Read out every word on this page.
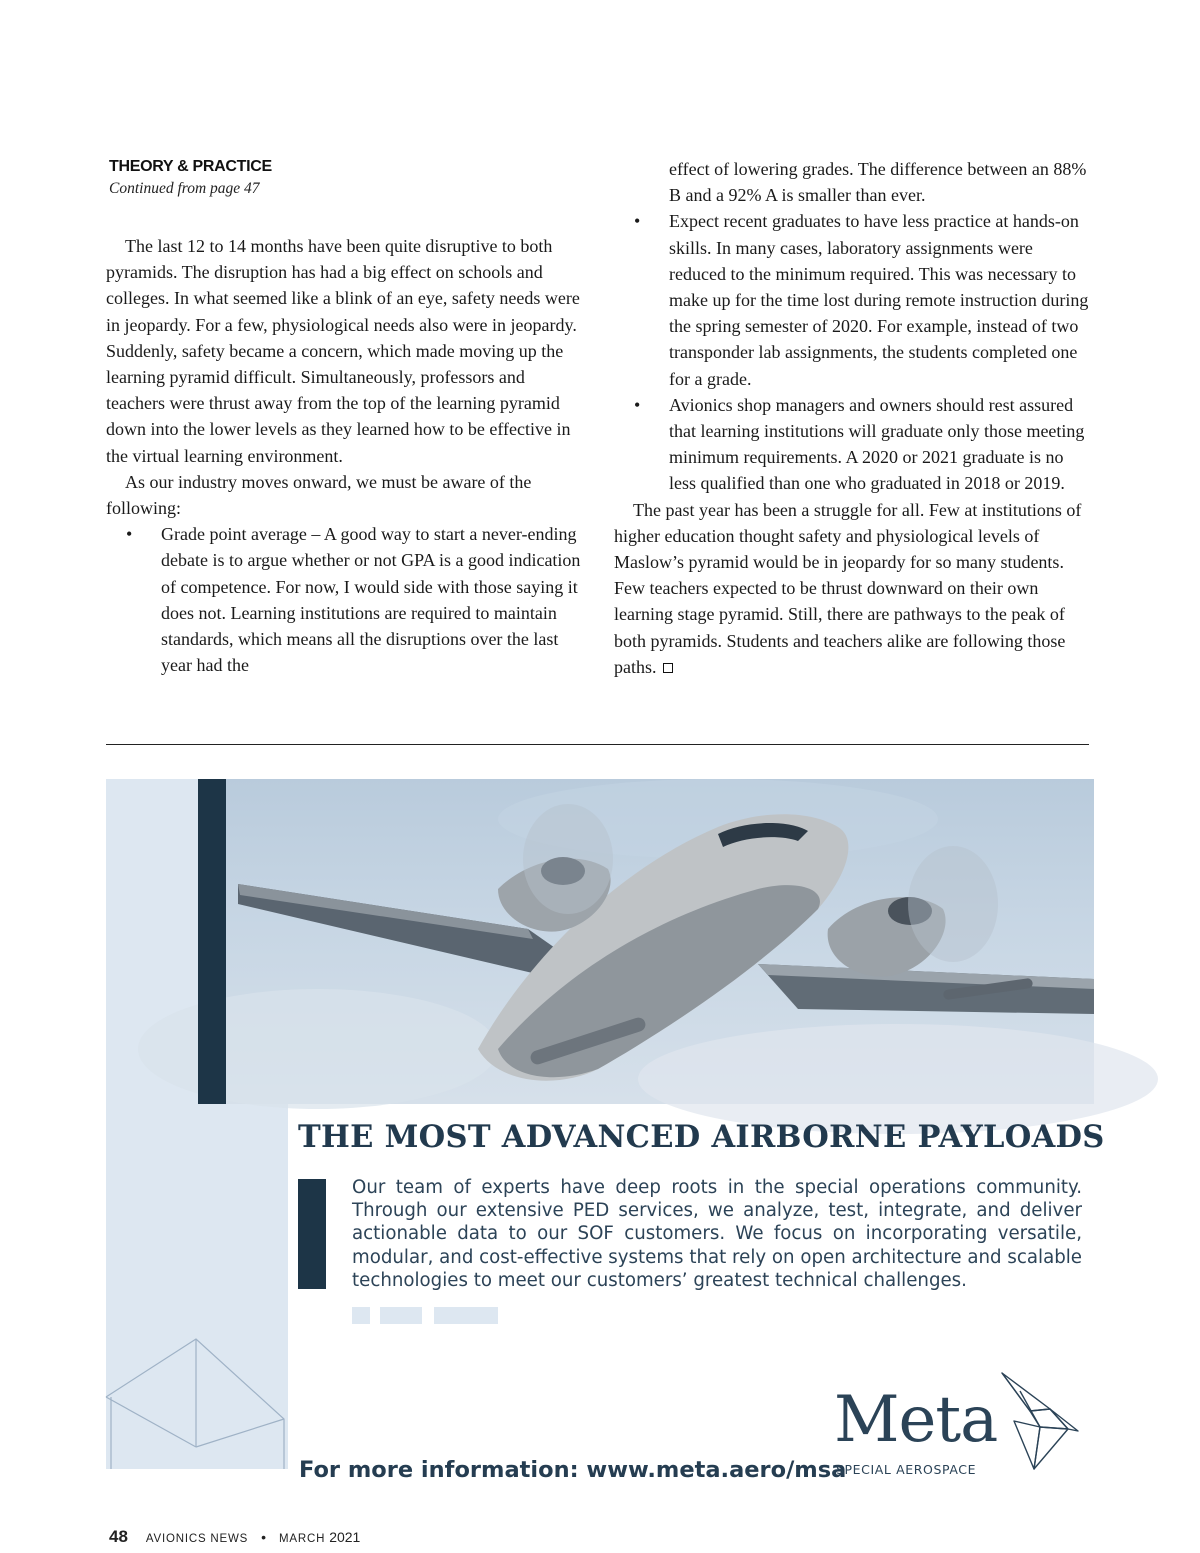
THEORY & PRACTICE
Continued from page 47

The last 12 to 14 months have been quite disruptive to both pyramids. The disruption has had a big effect on schools and colleges. In what seemed like a blink of an eye, safety needs were in jeopardy. For a few, physiological needs also were in jeopardy. Suddenly, safety became a concern, which made moving up the learning pyramid difficult. Simultaneously, professors and teachers were thrust away from the top of the learning pyramid down into the lower levels as they learned how to be effective in the virtual learning environment.

As our industry moves onward, we must be aware of the following:

• Grade point average – A good way to start a never-ending debate is to argue whether or not GPA is a good indication of competence. For now, I would side with those saying it does not. Learning institutions are required to maintain standards, which means all the disruptions over the last year had the
effect of lowering grades. The difference between an 88% B and a 92% A is smaller than ever.
• Expect recent graduates to have less practice at hands-on skills. In many cases, laboratory assignments were reduced to the minimum required. This was necessary to make up for the time lost during remote instruction during the spring semester of 2020. For example, instead of two transponder lab assignments, the students completed one for a grade.
• Avionics shop managers and owners should rest assured that learning institutions will graduate only those meeting minimum requirements. A 2020 or 2021 graduate is no less qualified than one who graduated in 2018 or 2019.

The past year has been a struggle for all. Few at institutions of higher education thought safety and physiological levels of Maslow’s pyramid would be in jeopardy for so many students. Few teachers expected to be thrust downward on their own learning stage pyramid. Still, there are pathways to the peak of both pyramids. Students and teachers alike are following those paths.

THE MOST ADVANCED AIRBORNE PAYLOADS
Our team of experts have deep roots in the special operations community. Through our extensive PED services, we analyze, test, integrate, and deliver actionable data to our SOF customers. We focus on incorporating versatile, modular, and cost-effective systems that rely on open architecture and scalable technologies to meet our customers’ greatest technical challenges.
For more information: www.meta.aero/msa
Meta
SPECIAL AEROSPACE
48 AVIONICS NEWS • MARCH 2021
